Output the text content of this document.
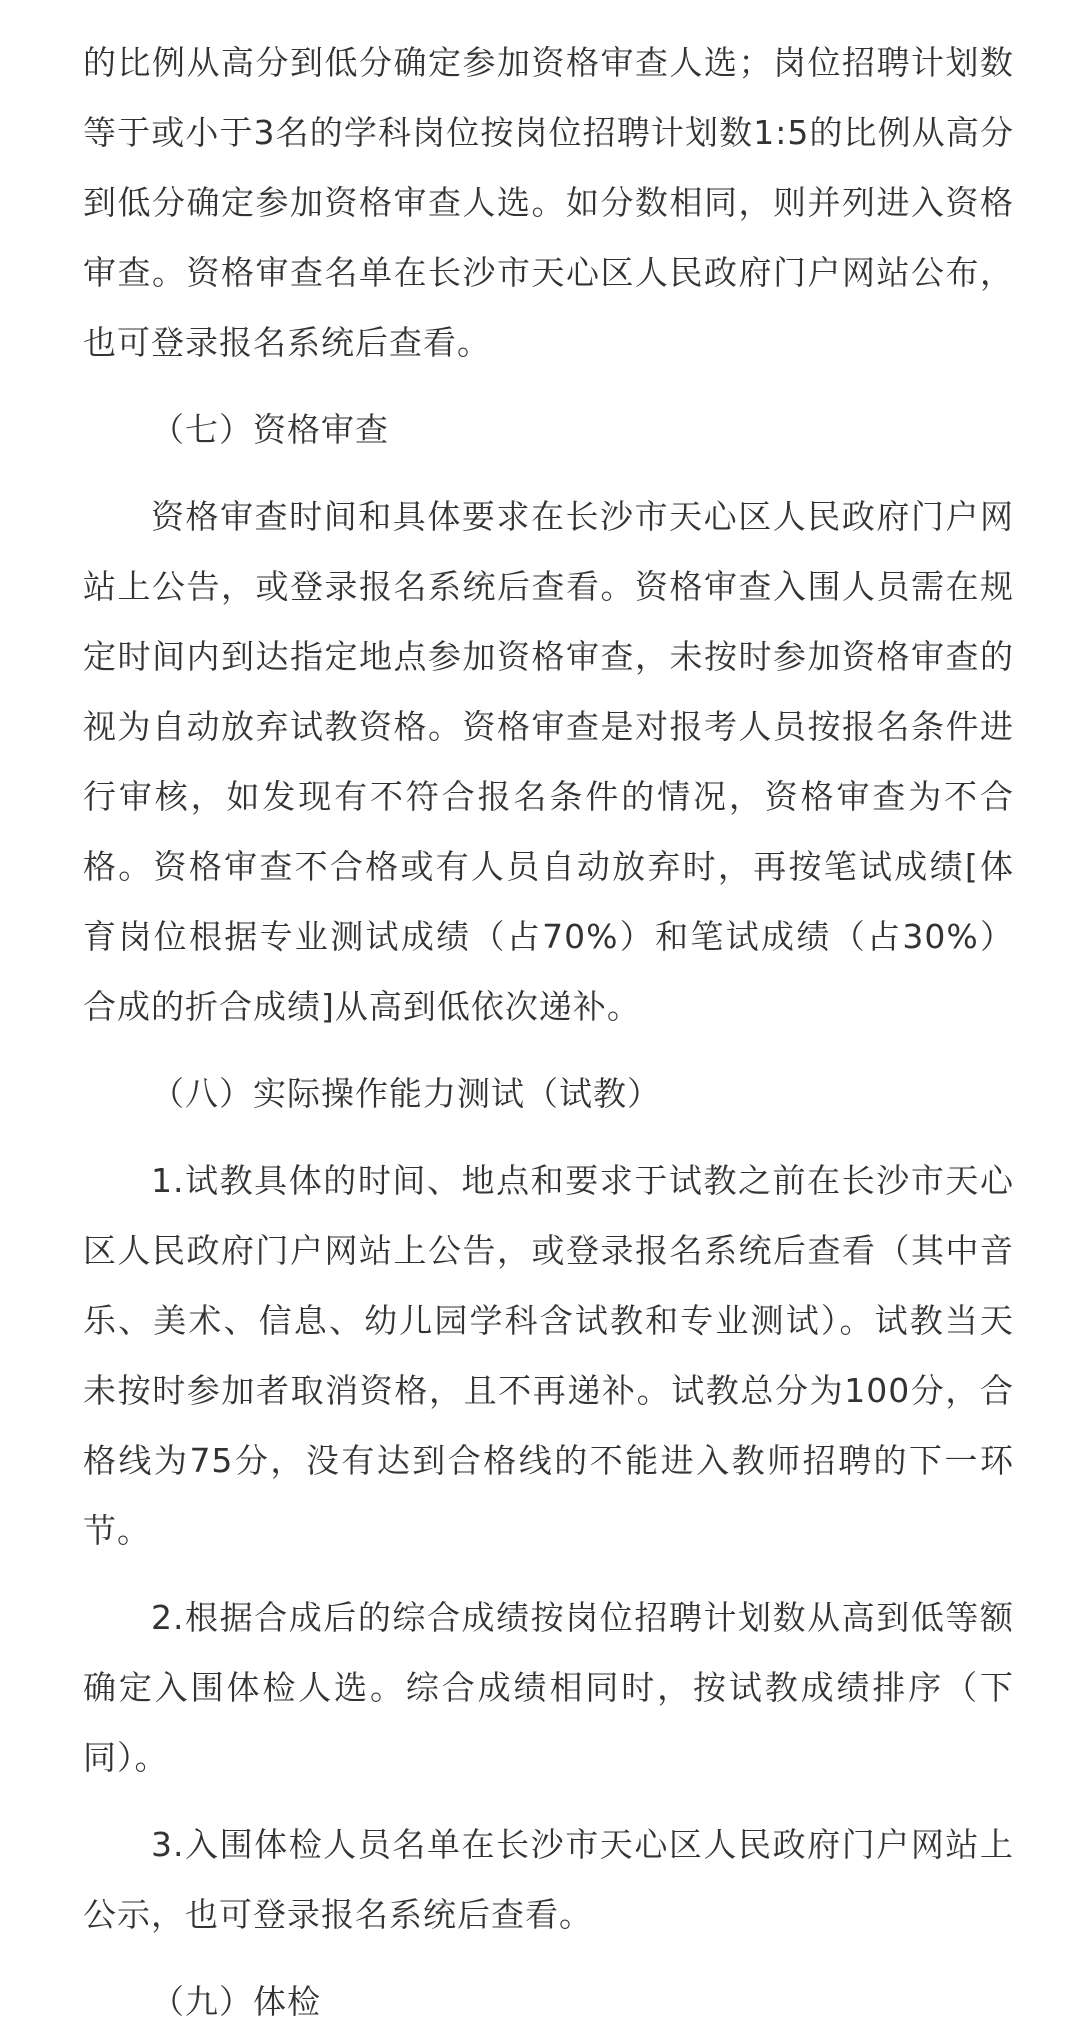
的比例从高分到低分确定参加资格审查人选；岗位招聘计划数等于或小于3名的学科岗位按岗位招聘计划数1:5的比例从高分到低分确定参加资格审查人选。如分数相同，则并列进入资格审查。资格审查名单在长沙市天心区人民政府门户网站公布，也可登录报名系统后查看。

（七）资格审查

资格审查时间和具体要求在长沙市天心区人民政府门户网站上公告，或登录报名系统后查看。资格审查入围人员需在规定时间内到达指定地点参加资格审查，未按时参加资格审查的视为自动放弃试教资格。资格审查是对报考人员按报名条件进行审核，如发现有不符合报名条件的情况，资格审查为不合格。资格审查不合格或有人员自动放弃时，再按笔试成绩[体育岗位根据专业测试成绩（占70%）和笔试成绩（占30%）合成的折合成绩]从高到低依次递补。

（八）实际操作能力测试（试教）

1.试教具体的时间、地点和要求于试教之前在长沙市天心区人民政府门户网站上公告，或登录报名系统后查看（其中音乐、美术、信息、幼儿园学科含试教和专业测试）。试教当天未按时参加者取消资格，且不再递补。试教总分为100分，合格线为75分，没有达到合格线的不能进入教师招聘的下一环节。

2.根据合成后的综合成绩按岗位招聘计划数从高到低等额确定入围体检人选。综合成绩相同时，按试教成绩排序（下同）。

3.入围体检人员名单在长沙市天心区人民政府门户网站上公示，也可登录报名系统后查看。

（九）体检
